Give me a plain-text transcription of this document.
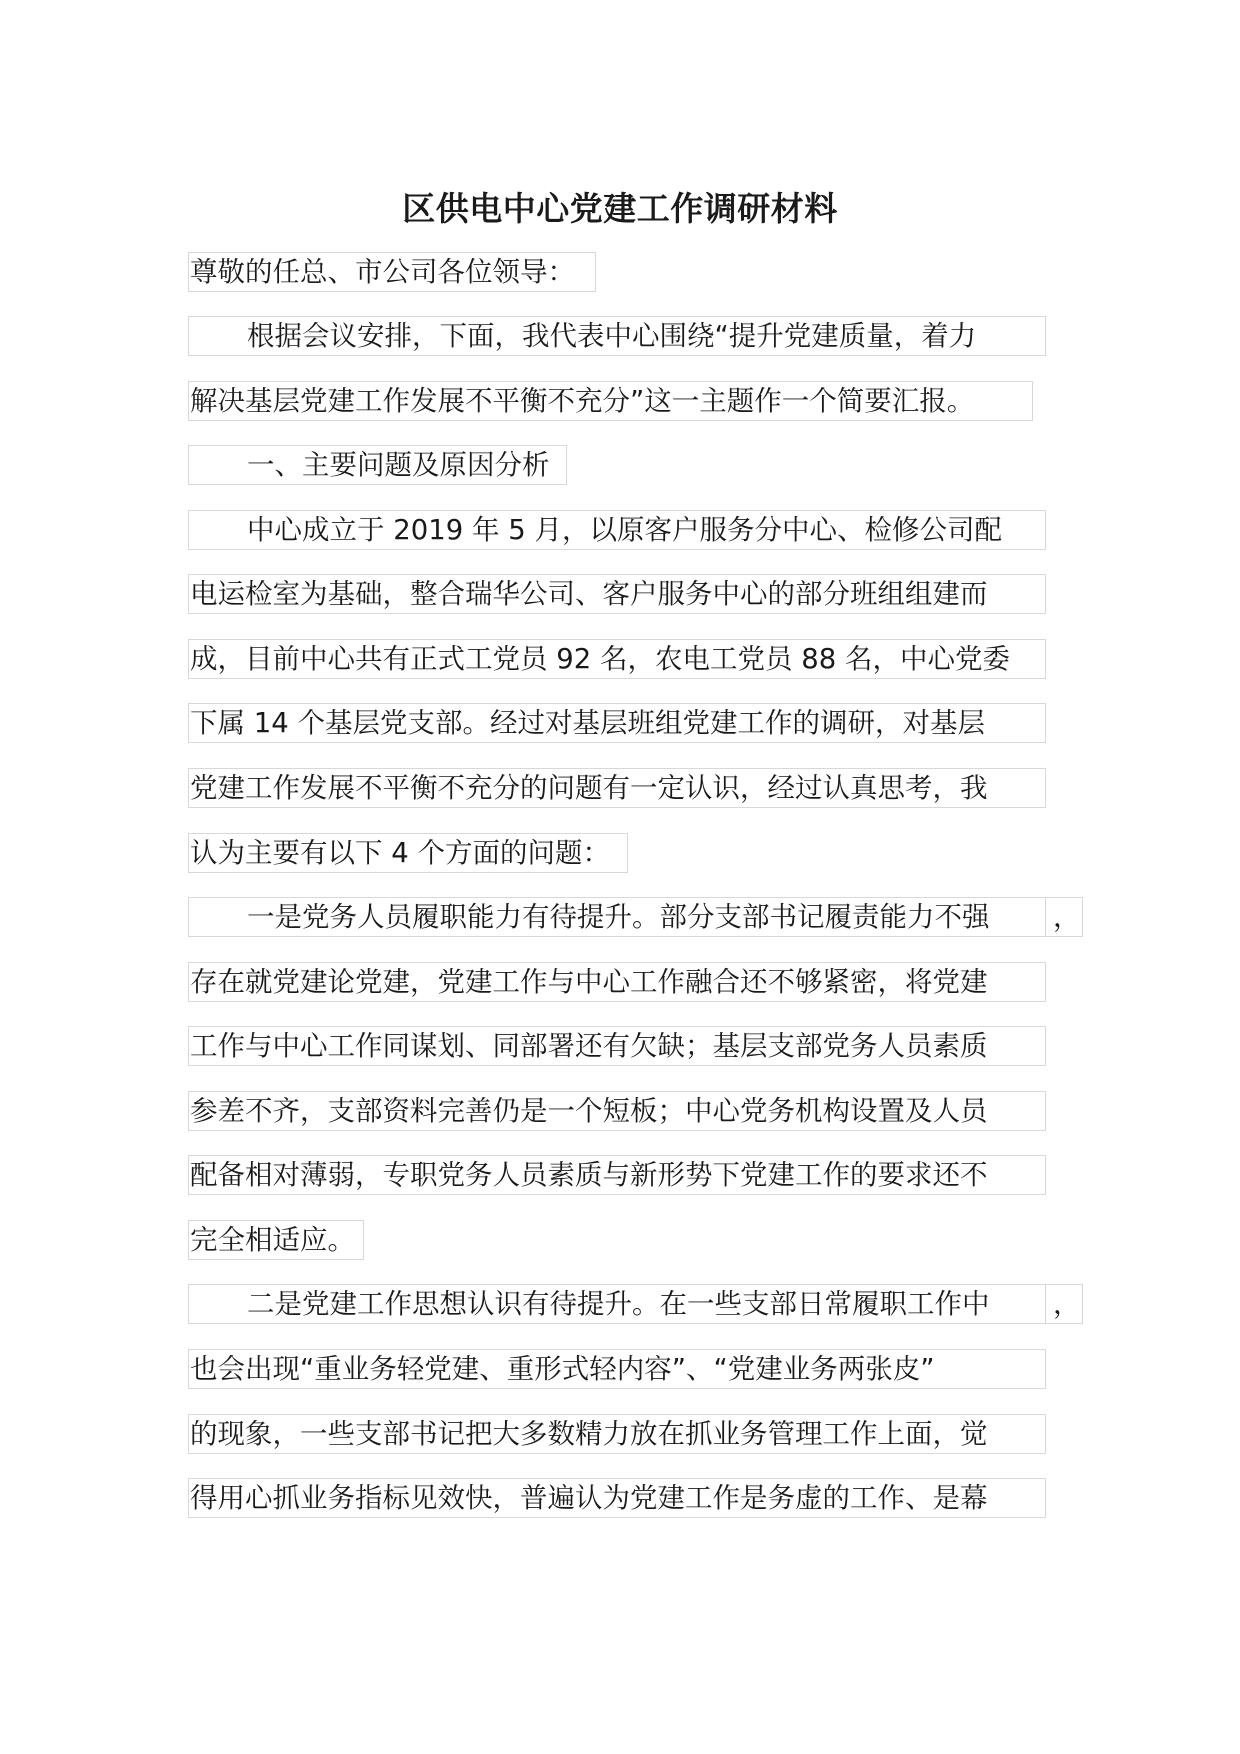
区供电中心党建工作调研材料
尊敬的任总、市公司各位领导：
根据会议安排，下面，我代表中心围绕“提升党建质量，着力
解决基层党建工作发展不平衡不充分”这一主题作一个简要汇报。
一、主要问题及原因分析
中心成立于 2019 年 5 月，以原客户服务分中心、检修公司配
电运检室为基础，整合瑞华公司、客户服务中心的部分班组组建而
成，目前中心共有正式工党员 92 名，农电工党员 88 名，中心党委
下属 14 个基层党支部。经过对基层班组党建工作的调研，对基层
党建工作发展不平衡不充分的问题有一定认识，经过认真思考，我
认为主要有以下 4 个方面的问题：
一是党务人员履职能力有待提升。部分支部书记履责能力不强	，
存在就党建论党建，党建工作与中心工作融合还不够紧密，将党建
工作与中心工作同谋划、同部署还有欠缺；基层支部党务人员素质
参差不齐，支部资料完善仍是一个短板；中心党务机构设置及人员
配备相对薄弱，专职党务人员素质与新形势下党建工作的要求还不
完全相适应。
二是党建工作思想认识有待提升。在一些支部日常履职工作中	，
也会出现“重业务轻党建、重形式轻内容”、“党建业务两张皮”
的现象，一些支部书记把大多数精力放在抓业务管理工作上面，觉
得用心抓业务指标见效快，普遍认为党建工作是务虚的工作、是幕
